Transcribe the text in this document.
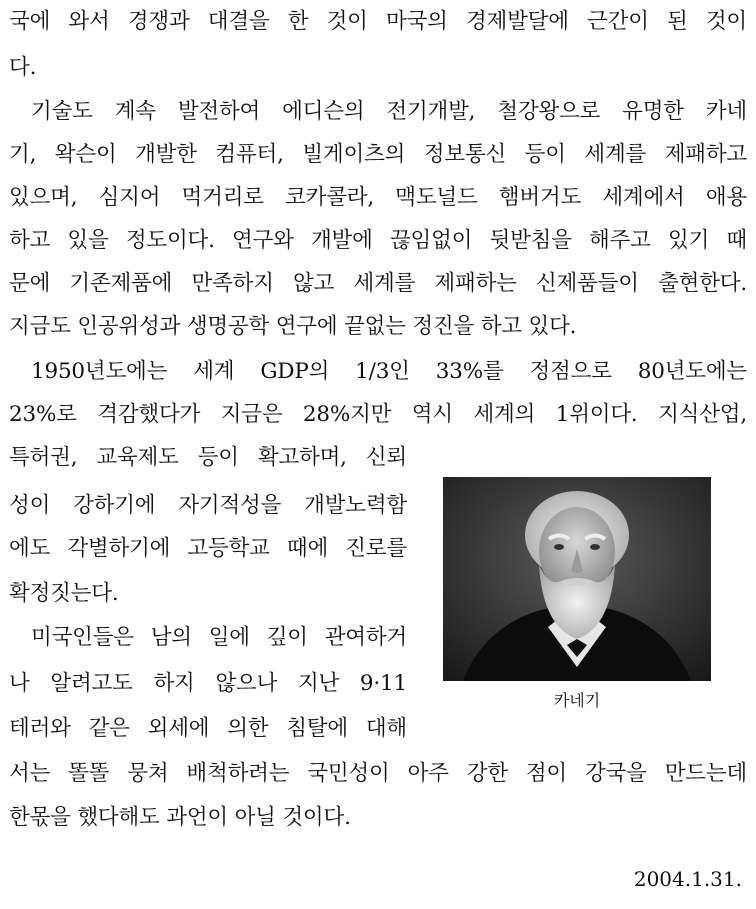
국에 와서 경쟁과 대결을 한 것이 마국의 경제발달에 근간이 된 것이

다.

기술도 계속 발전하여 에디슨의 전기개발, 철강왕으로 유명한 카네

기, 왁슨이 개발한 컴퓨터, 빌게이츠의 정보통신 등이 세계를 제패하고

있으며, 심지어 먹거리로 코카콜라, 맥도널드 햄버거도 세계에서 애용

하고 있을 정도이다. 연구와 개발에 끊임없이 뒷받침을 해주고 있기 때

문에 기존제품에 만족하지 않고 세계를 제패하는 신제품들이 출현한다.

지금도 인공위성과 생명공학 연구에 끝없는 정진을 하고 있다.

1950년도에는 세계 GDP의 1/3인 33%를 정점으로 80년도에는

23%로 격감했다가 지금은 28%지만 역시 세계의 1위이다. 지식산업,

특허권, 교육제도 등이 확고하며, 신뢰

성이 강하기에 자기적성을 개발노력함

에도 각별하기에 고등학교 때에 진로를

확정짓는다.

미국인들은 남의 일에 깊이 관여하거

나 알려고도 하지 않으나 지난 9·11

테러와 같은 외세에 의한 침탈에 대해

서는 똘똘 뭉쳐 배척하려는 국민성이 아주 강한 점이 강국을 만드는데

한몫을 했다해도 과언이 아닐 것이다.

카네기
2004.1.31.
